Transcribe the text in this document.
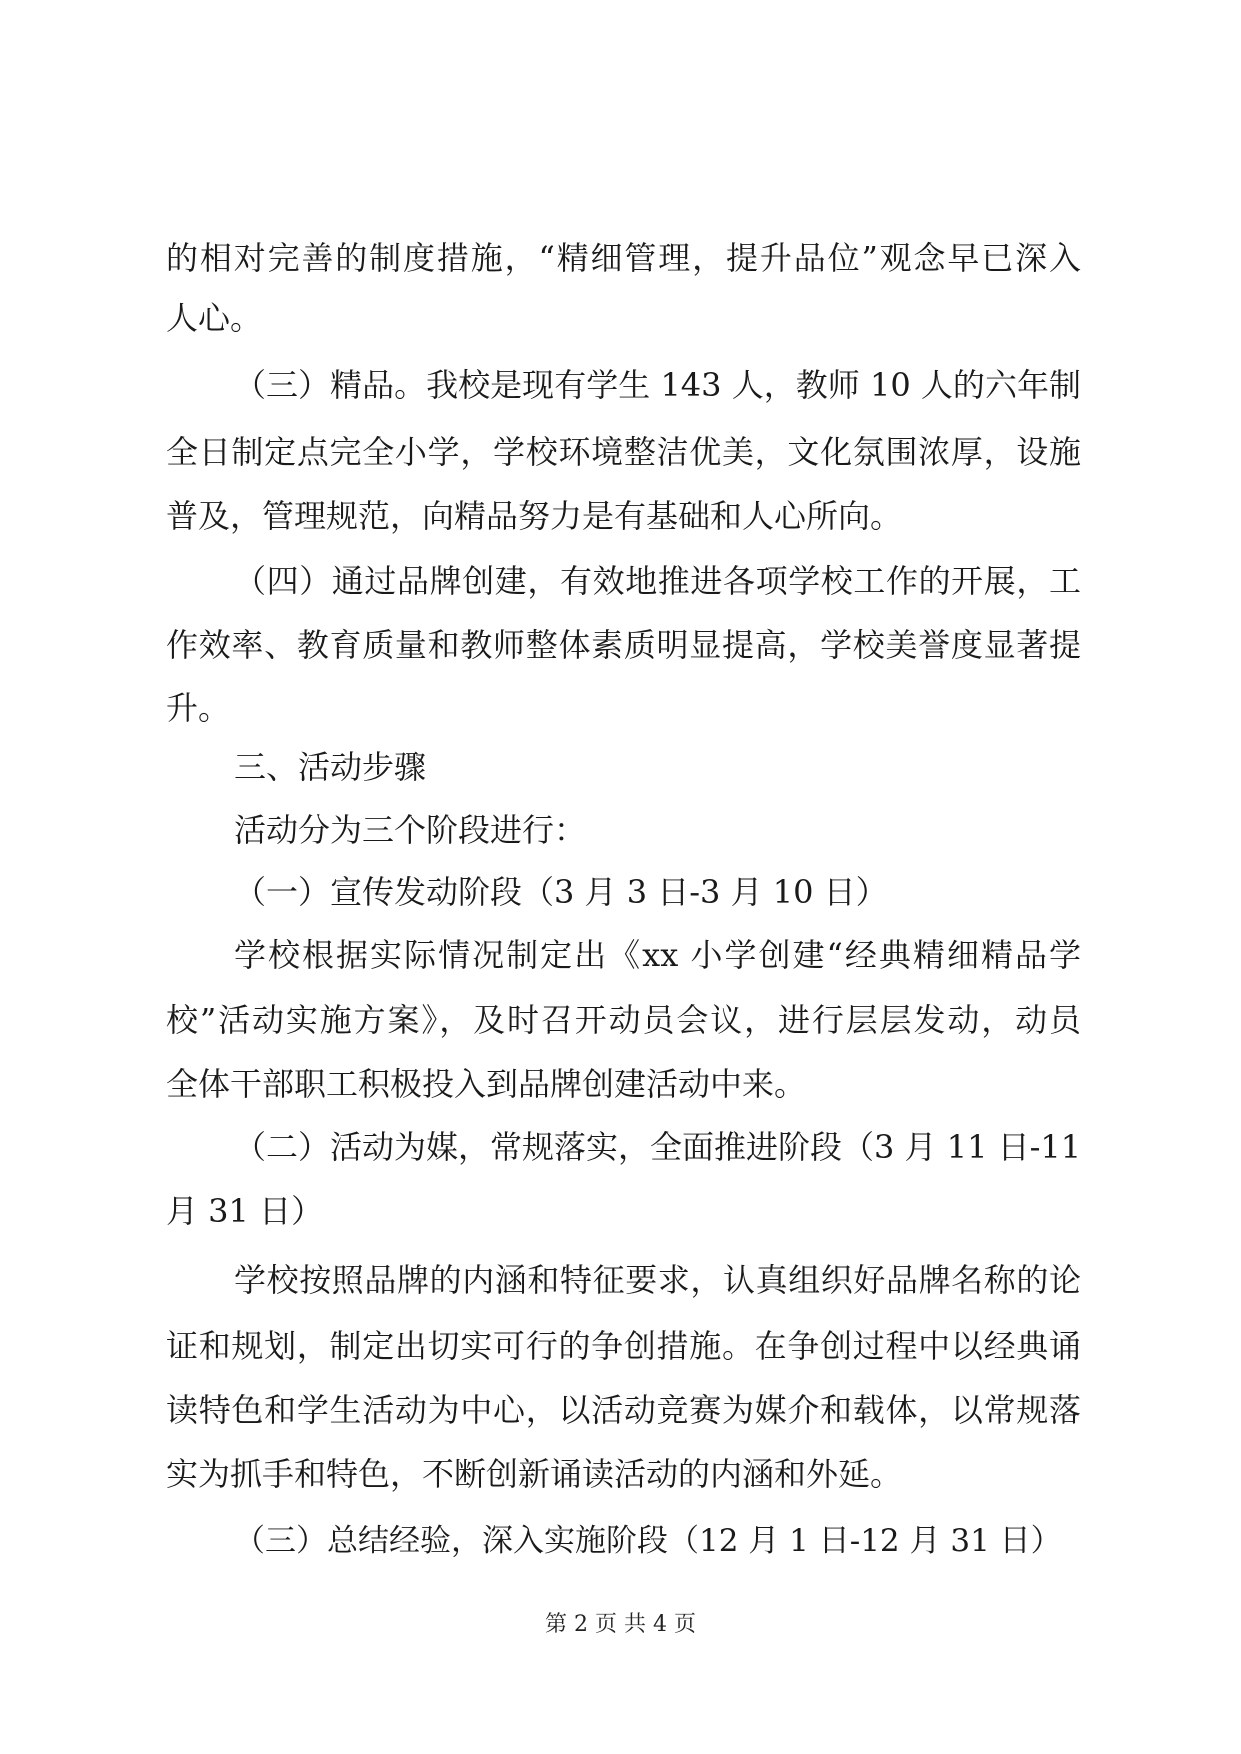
的相对完善的制度措施，“精细管理，提升品位”观念早已深入
人心。
（三）精品。我校是现有学生 143 人，教师 10 人的六年制
全日制定点完全小学，学校环境整洁优美，文化氛围浓厚，设施
普及，管理规范，向精品努力是有基础和人心所向。
（四）通过品牌创建，有效地推进各项学校工作的开展，工
作效率、教育质量和教师整体素质明显提高，学校美誉度显著提
升。
三、活动步骤
活动分为三个阶段进行：
（一）宣传发动阶段（3 月 3 日-3 月 10 日）
学校根据实际情况制定出《xx 小学创建“经典精细精品学
校”活动实施方案》，及时召开动员会议，进行层层发动，动员
全体干部职工积极投入到品牌创建活动中来。
（二）活动为媒，常规落实，全面推进阶段（3 月 11 日-11
月 31 日）
学校按照品牌的内涵和特征要求，认真组织好品牌名称的论
证和规划，制定出切实可行的争创措施。在争创过程中以经典诵
读特色和学生活动为中心，以活动竞赛为媒介和载体，以常规落
实为抓手和特色，不断创新诵读活动的内涵和外延。
（三）总结经验，深入实施阶段（12 月 1 日-12 月 31 日）
第 2 页 共 4 页
